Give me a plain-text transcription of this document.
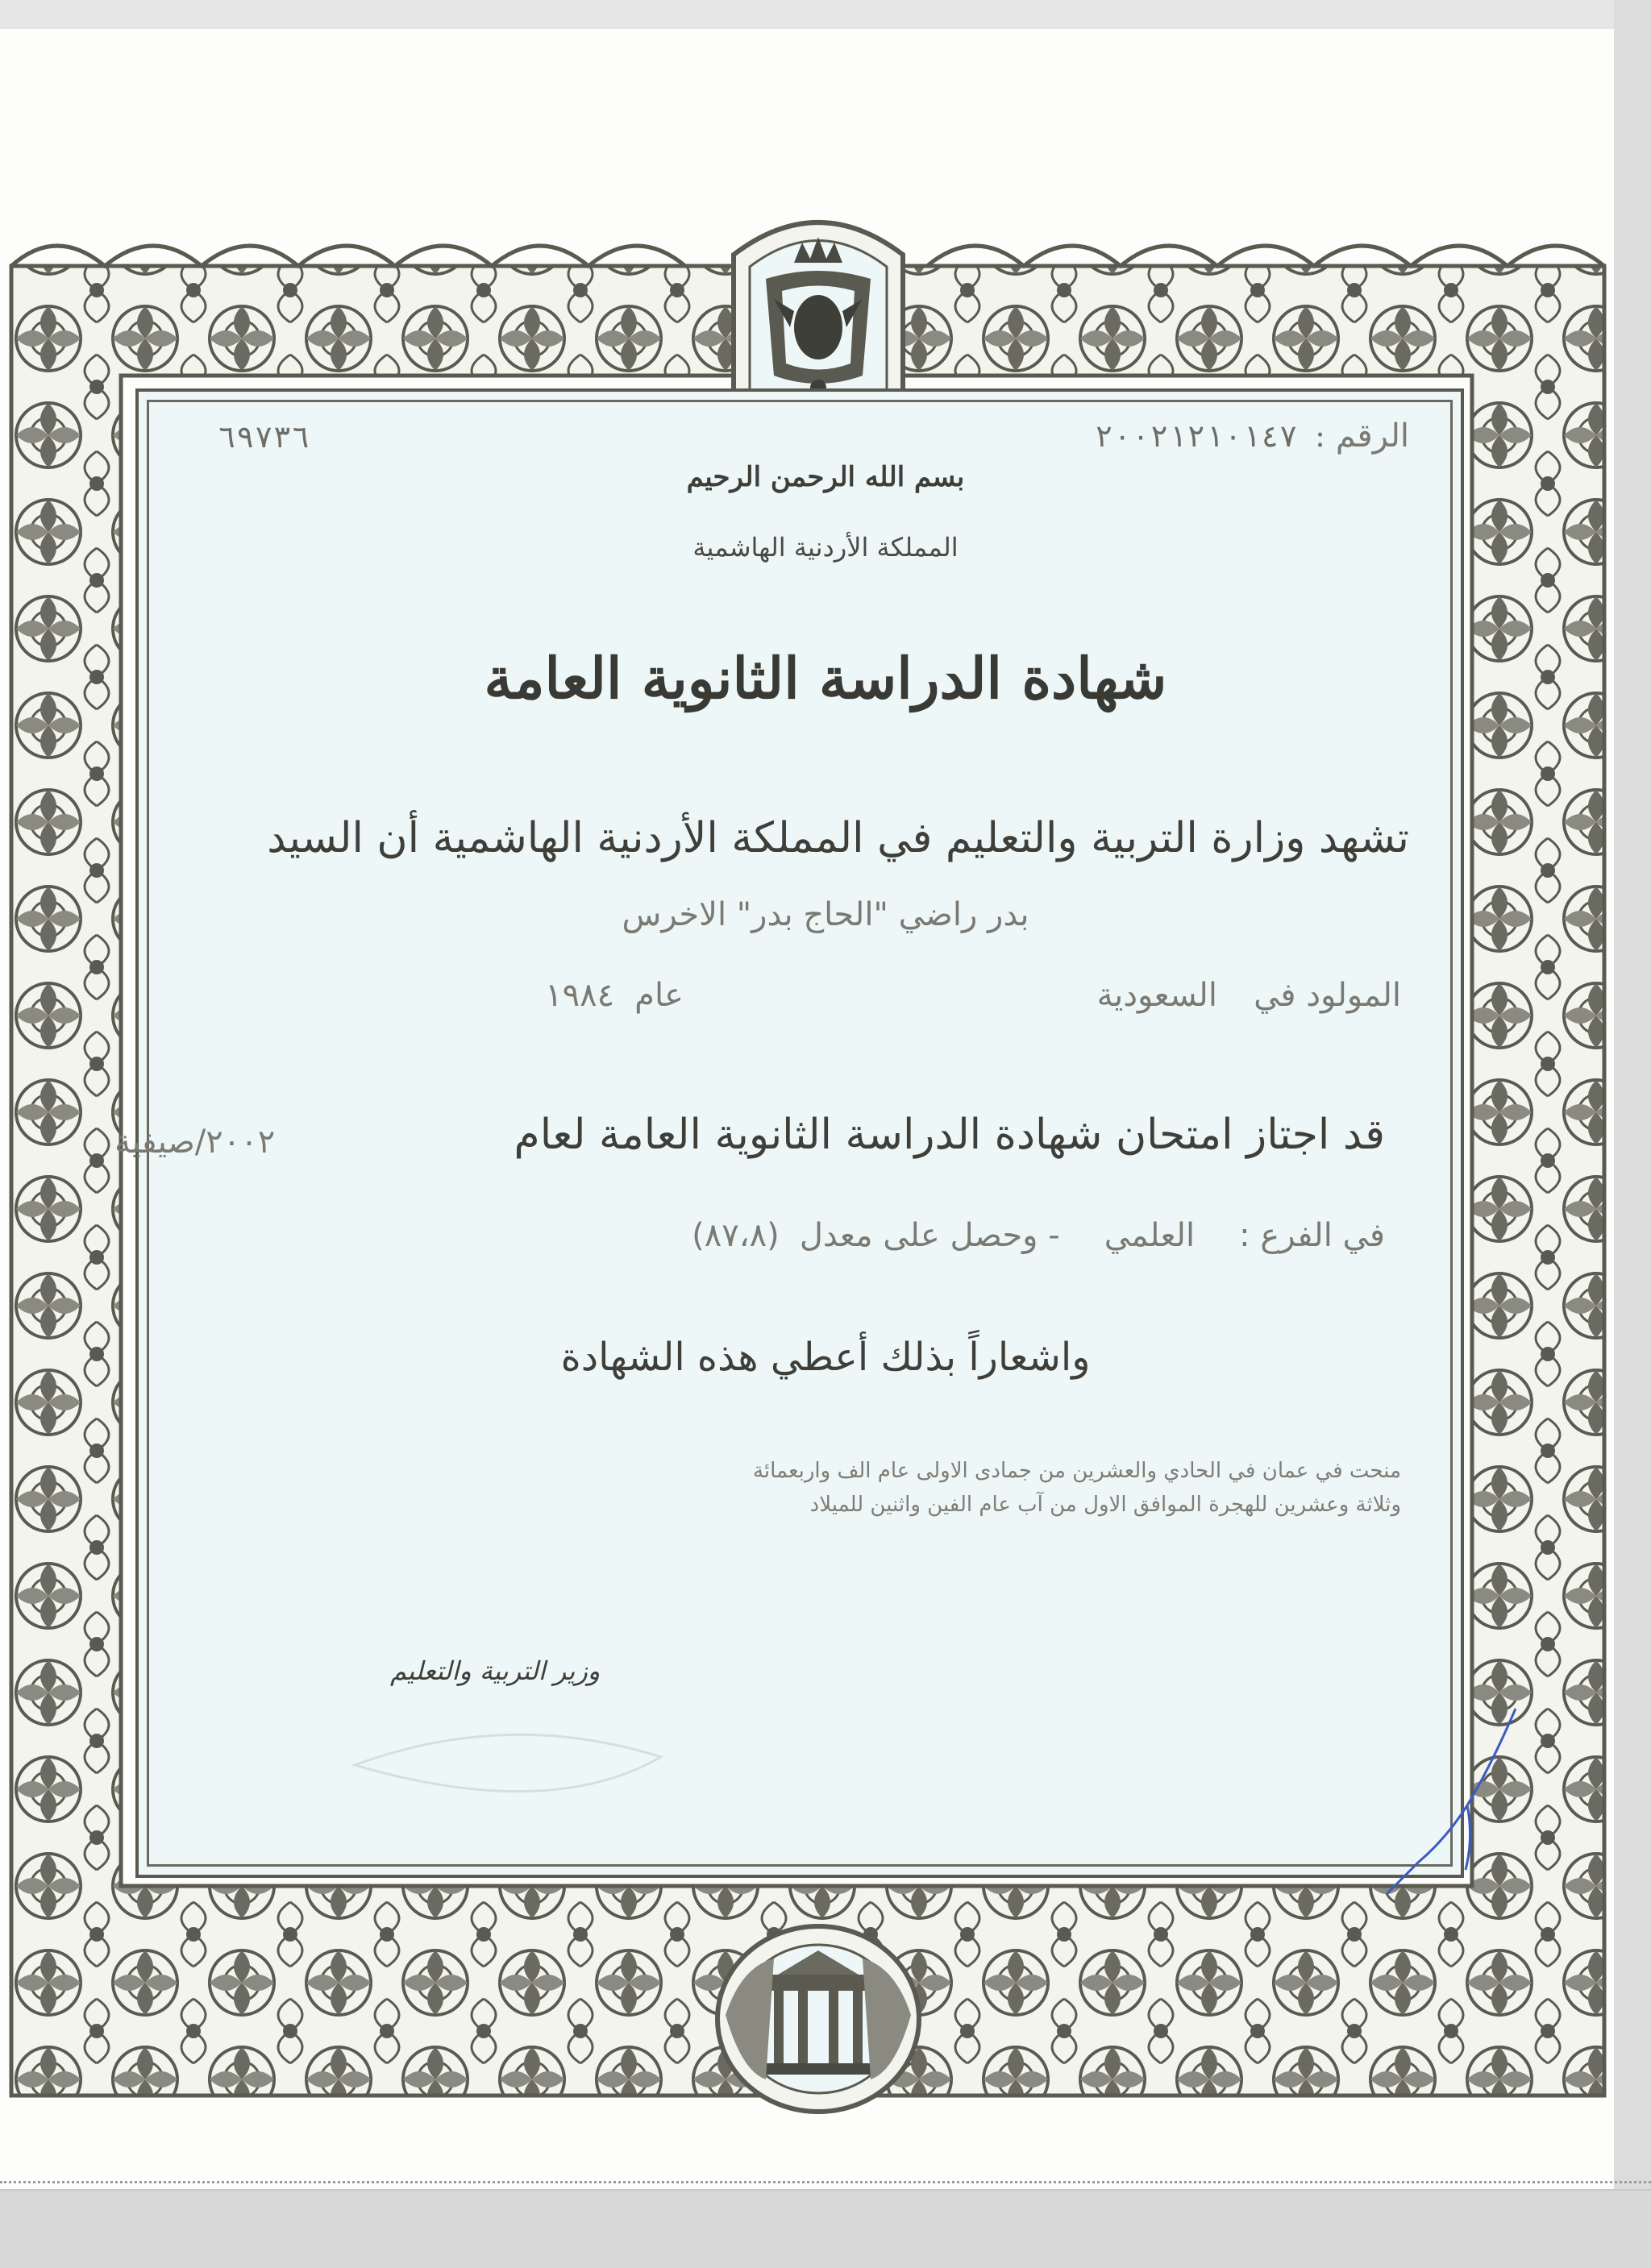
٦٩٧٣٦	الرقم : ٢٠٠٢١٢١٠١٤٧
بسم الله الرحمن الرحيم
المملكة الأردنية الهاشمية
شهادة الدراسة الثانوية العامة
تشهد وزارة التربية والتعليم في المملكة الأردنية الهاشمية أن السيد
بدر راضي "الحاج بدر" الاخرس
المولود في السعودية
عام ١٩٨٤
قد اجتاز امتحان شهادة الدراسة الثانوية العامة لعام
٢٠٠٢/صيفية
في الفرع : العلمي - وحصل على معدل (٨٧،٨)
واشعاراً بذلك أعطي هذه الشهادة
منحت في عمان في الحادي والعشرين من جمادى الاولى عام الف واربعمائة
وثلاثة وعشرين للهجرة الموافق الاول من آب عام الفين واثنين للميلاد
وزير التربية والتعليم
